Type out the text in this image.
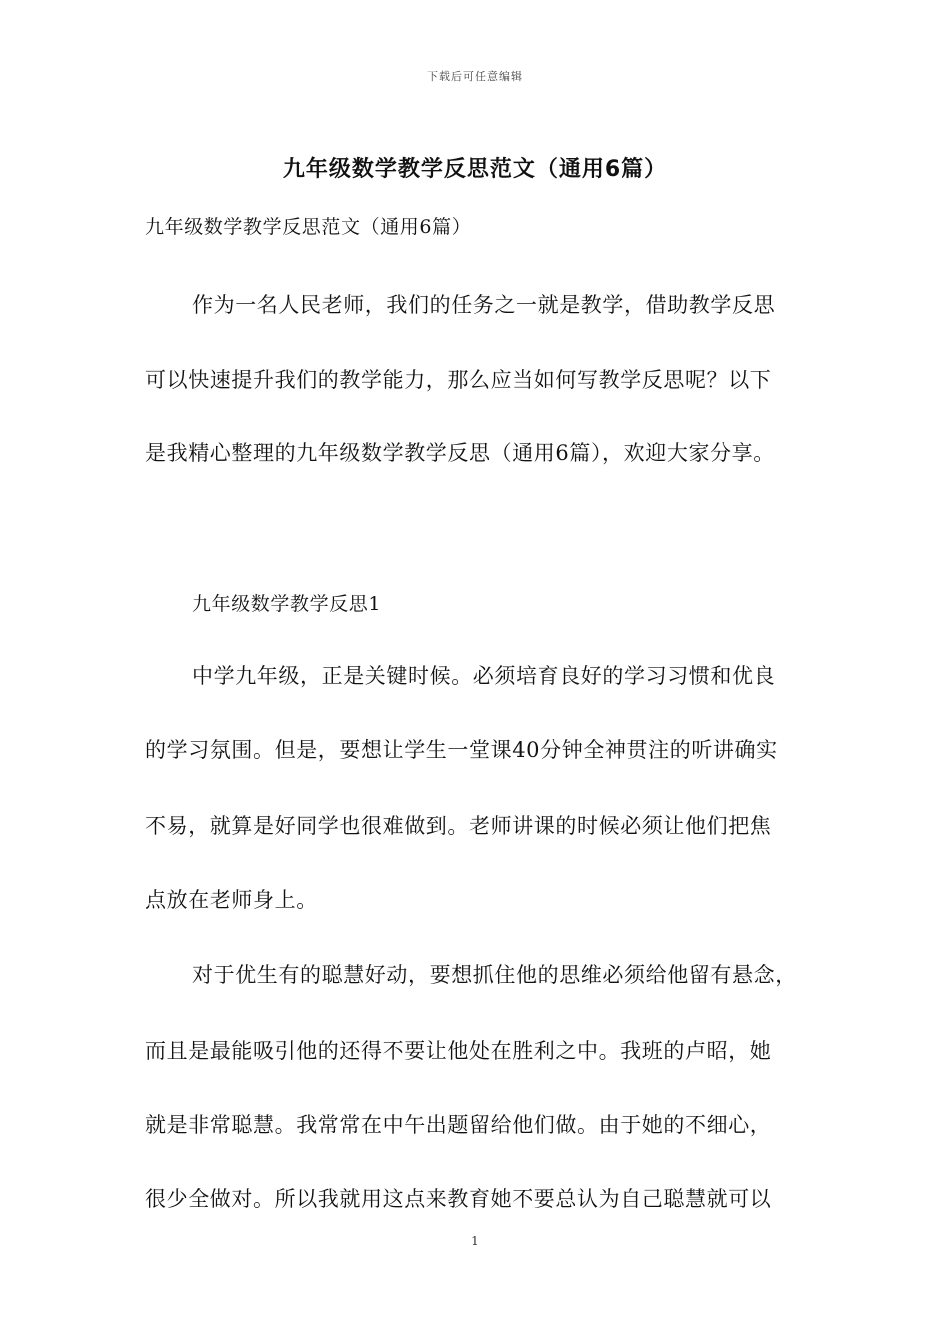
下载后可任意编辑
九年级数学教学反思范文（通用6篇）
九年级数学教学反思范文（通用6篇）
作为一名人民老师，我们的任务之一就是教学，借助教学反思
可以快速提升我们的教学能力，那么应当如何写教学反思呢？以下
是我精心整理的九年级数学教学反思（通用6篇），欢迎大家分享。
九年级数学教学反思1
中学九年级，正是关键时候。必须培育良好的学习习惯和优良
的学习氛围。但是，要想让学生一堂课40分钟全神贯注的听讲确实
不易，就算是好同学也很难做到。老师讲课的时候必须让他们把焦
点放在老师身上。
对于优生有的聪慧好动，要想抓住他的思维必须给他留有悬念，
而且是最能吸引他的还得不要让他处在胜利之中。我班的卢昭，她
就是非常聪慧。我常常在中午出题留给他们做。由于她的不细心，
很少全做对。所以我就用这点来教育她不要总认为自己聪慧就可以
1
